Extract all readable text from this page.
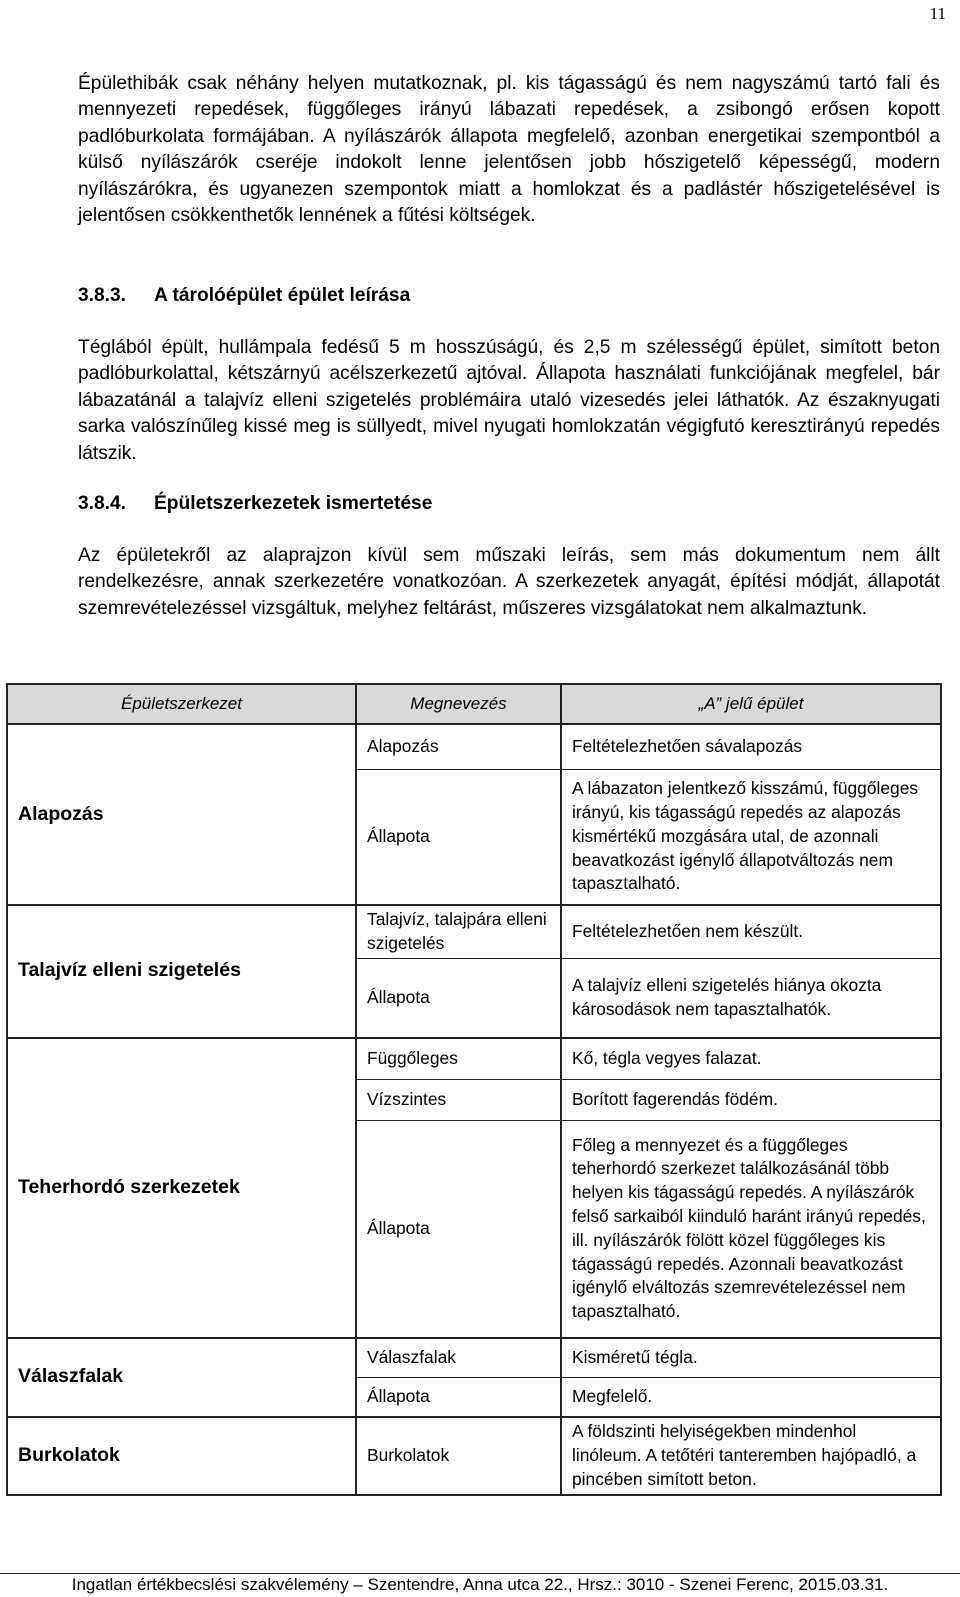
11

Épülethibák csak néhány helyen mutatkoznak, pl. kis tágasságú és nem nagyszámú tartó fali és mennyezeti repedések, függőleges irányú lábazati repedések, a zsibongó erősen kopott padlóburkolata formájában. A nyílászárók állapota megfelelő, azonban energetikai szempontból a külső nyílászárók cseréje indokolt lenne jelentősen jobb hőszigetelő képességű, modern nyílászárókra, és ugyanezen szempontok miatt a homlokzat és a padlástér hőszigetelésével is jelentősen csökkenthetők lennének a fűtési költségek.

3.8.3. A tárolóépület épület leírása

Téglából épült, hullámpala fedésű 5 m hosszúságú, és 2,5 m szélességű épület, simított beton padlóburkolattal, kétszárnyú acélszerkezetű ajtóval. Állapota használati funkciójának megfelel, bár lábazatánál a talajvíz elleni szigetelés problémáira utaló vizesedés jelei láthatók. Az északnyugati sarka valószínűleg kissé meg is süllyedt, mivel nyugati homlokzatán végigfutó keresztirányú repedés látszik.

3.8.4. Épületszerkezetek ismertetése

Az épületekről az alaprajzon kívül sem műszaki leírás, sem más dokumentum nem állt rendelkezésre, annak szerkezetére vonatkozóan. A szerkezetek anyagát, építési módját, állapotát szemrevételezéssel vizsgáltuk, melyhez feltárást, műszeres vizsgálatokat nem alkalmaztunk.

Épületszerkezet	Megnevezés	„A” jelű épület
Alapozás	Alapozás	Feltételezhetően sávalapozás
	Állapota	A lábazaton jelentkező kisszámú, függőleges irányú, kis tágasságú repedés az alapozás kismértékű mozgására utal, de azonnali beavatkozást igénylő állapotváltozás nem tapasztalható.
Talajvíz elleni szigetelés	Talajvíz, talajpára elleni szigetelés	Feltételezhetően nem készült.
	Állapota	A talajvíz elleni szigetelés hiánya okozta károsodások nem tapasztalhatók.
Teherhordó szerkezetek	Függőleges	Kő, tégla vegyes falazat.
	Vízszintes	Borított fagerendás födém.
	Állapota	Főleg a mennyezet és a függőleges teherhordó szerkezet találkozásánál több helyen kis tágasságú repedés. A nyílászárók felső sarkaiból kiinduló haránt irányú repedés, ill. nyílászárók fölött közel függőleges kis tágasságú repedés. Azonnali beavatkozást igénylő elváltozás szemrevételezéssel nem tapasztalható.
Válaszfalak	Válaszfalak	Kisméretű tégla.
	Állapota	Megfelelő.
Burkolatok	Burkolatok	A földszinti helyiségekben mindenhol linóleum. A tetőtéri tanteremben hajópadló, a pincében simított beton.
Ingatlan értékbecslési szakvélemény – Szentendre, Anna utca 22., Hrsz.: 3010 - Szenei Ferenc, 2015.03.31.
